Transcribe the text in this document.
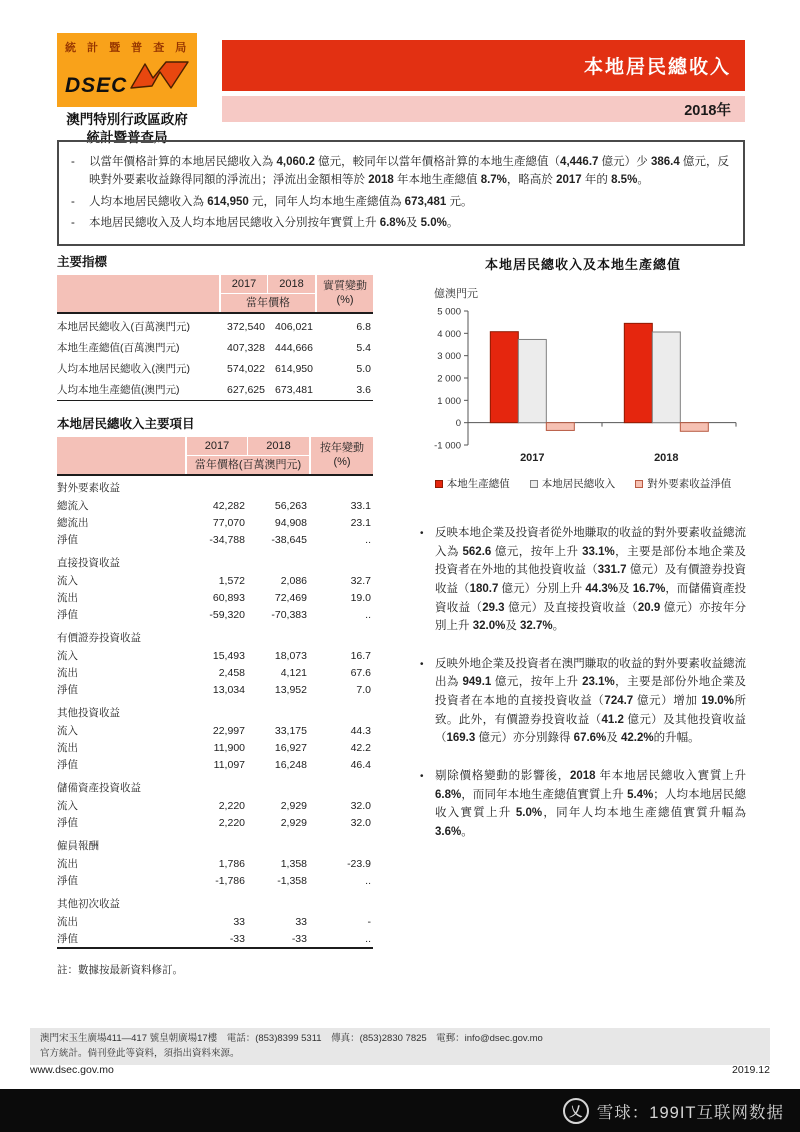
統 計 暨 普 查 局
DSEC
澳門特別行政區政府
統計暨普查局
本地居民總收入
2018年
-	以當年價格計算的本地居民總收入為 4,060.2 億元，較同年以當年價格計算的本地生產總值（4,446.7 億元）少 386.4 億元，反映對外要素收益錄得同額的淨流出；淨流出金額相等於 2018 年本地生產總值 8.7%，略高於 2017 年的 8.5%。
-	人均本地居民總收入為 614,950 元，同年人均本地生產總值為 673,481 元。
-	本地居民總收入及人均本地居民總收入分別按年實質上升 6.8%及 5.0%。
主要指標
2017	2018
當年價格
實質變動
(%)
本地居民總收入(百萬澳門元)	372,540 406,021	6.8
本地生產總值(百萬澳門元)	407,328 444,666	5.4
人均本地居民總收入(澳門元)	574,022 614,950	5.0
人均本地生產總值(澳門元)	627,625 673,481	3.6
本地居民總收入主要項目
2017	2018
當年價格(百萬澳門元)
按年變動
(%)
對外要素收益
總流入	42,282	56,263	33.1
總流出	77,070	94,908	23.1
淨值	-34,788	-38,645	..
直接投資收益
流入	1,572	2,086	32.7
流出	60,893	72,469	19.0
淨值	-59,320	-70,383	..
有價證券投資收益
流入	15,493	18,073	16.7
流出	2,458	4,121	67.6
淨值	13,034	13,952	7.0
其他投資收益
流入	22,997	33,175	44.3
流出	11,900	16,927	42.2
淨值	11,097	16,248	46.4
儲備資產投資收益
流入	2,220	2,929	32.0
淨值	2,220	2,929	32.0
僱員報酬
流出	1,786	1,358	-23.9
淨值	-1,786	-1,358	..
其他初次收益
流出	33	33	-
淨值	-33	-33	..
註：數據按最新資料修訂。
本地居民總收入及本地生產總值
億澳門元
5 000
4 000
3 000
2 000
1 000
0
-1 000
2017	2018
本地生產總值	本地居民總收入	對外要素收益淨值
• 反映本地企業及投資者從外地賺取的收益的對外要素收益總流入為 562.6 億元，按年上升 33.1%，主要是部份本地企業及投資者在外地的其他投資收益（331.7 億元）及有價證券投資收益（180.7 億元）分別上升 44.3%及 16.7%，而儲備資產投資收益（29.3 億元）及直接投資收益（20.9 億元）亦按年分別上升 32.0%及 32.7%。
• 反映外地企業及投資者在澳門賺取的收益的對外要素收益總流出為 949.1 億元，按年上升 23.1%，主要是部份外地企業及投資者在本地的直接投資收益（724.7 億元）增加 19.0%所致。此外，有價證券投資收益（41.2 億元）及其他投資收益（169.3 億元）亦分別錄得 67.6%及 42.2%的升幅。
• 剔除價格變動的影響後，2018 年本地居民總收入實質上升 6.8%，而同年本地生產總值實質上升 5.4%；人均本地居民總收入實質上升 5.0%，同年人均本地生產總值實質升幅為 3.6%。
澳門宋玉生廣場411—417 號皇朝廣場17樓　電話：(853)8399 5311　傳真：(853)2830 7825　電郵：info@dsec.gov.mo
官方統計。倘刊登此等資料，須指出資料來源。
www.dsec.gov.mo	2019.12
乂 雪球：199IT互联网数据
